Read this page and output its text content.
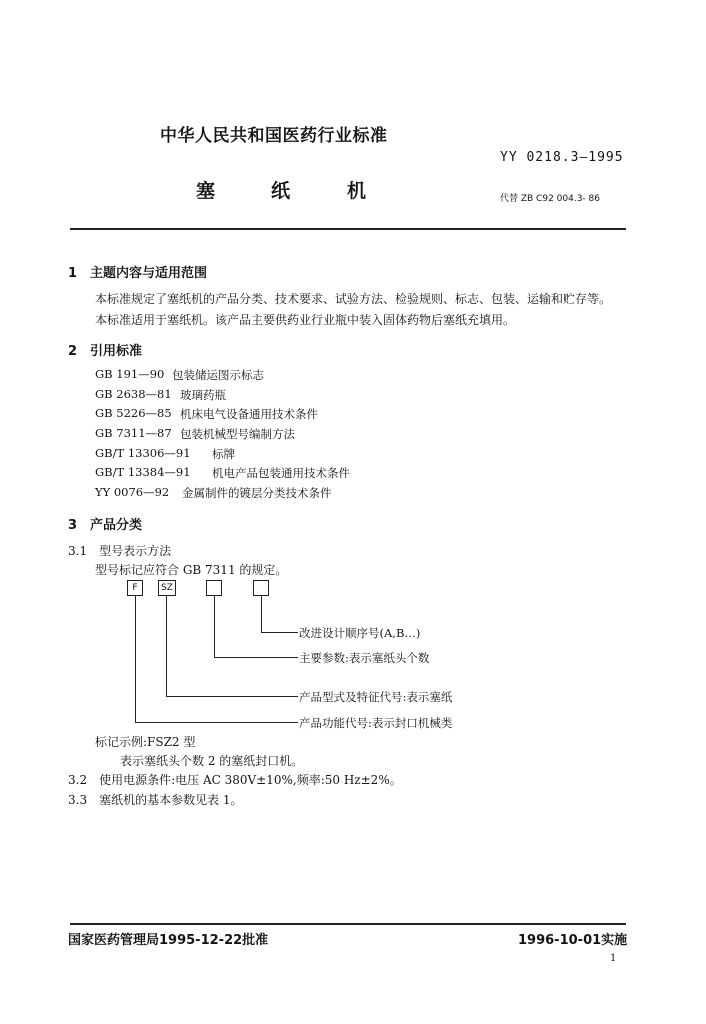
中华人民共和国医药行业标准
YY 0218.3—1995
塞	纸	机	代替 ZB C92 004.3- 86
1　主题内容与适用范围
本标准规定了塞纸机的产品分类、技术要求、试验方法、检验规则、标志、包装、运输和贮存等。
本标准适用于塞纸机。该产品主要供药业行业瓶中装入固体药物后塞纸充填用。
2　引用标准
GB 191—90 包装储运图示标志
GB 2638—81 玻璃药瓶
GB 5226—85 机床电气设备通用技术条件
GB 7311—87 包装机械型号编制方法
GB/T 13306—91 标牌
GB/T 13384—91 机电产品包装通用技术条件
YY 0076—92 金属制件的镀层分类技术条件
3　产品分类
3.1　型号表示方法
型号标记应符合 GB 7311 的规定。
F	SZ
改进设计顺序号(A,B…)
主要参数:表示塞纸头个数
产品型式及特征代号:表示塞纸
产品功能代号:表示封口机械类
标记示例:FSZ2 型
表示塞纸头个数 2 的塞纸封口机。
3.2　使用电源条件:电压 AC 380V±10%,频率:50 Hz±2%。
3.3　塞纸机的基本参数见表 1。
国家医药管理局1995-12-22批准	1996-10-01实施
1
